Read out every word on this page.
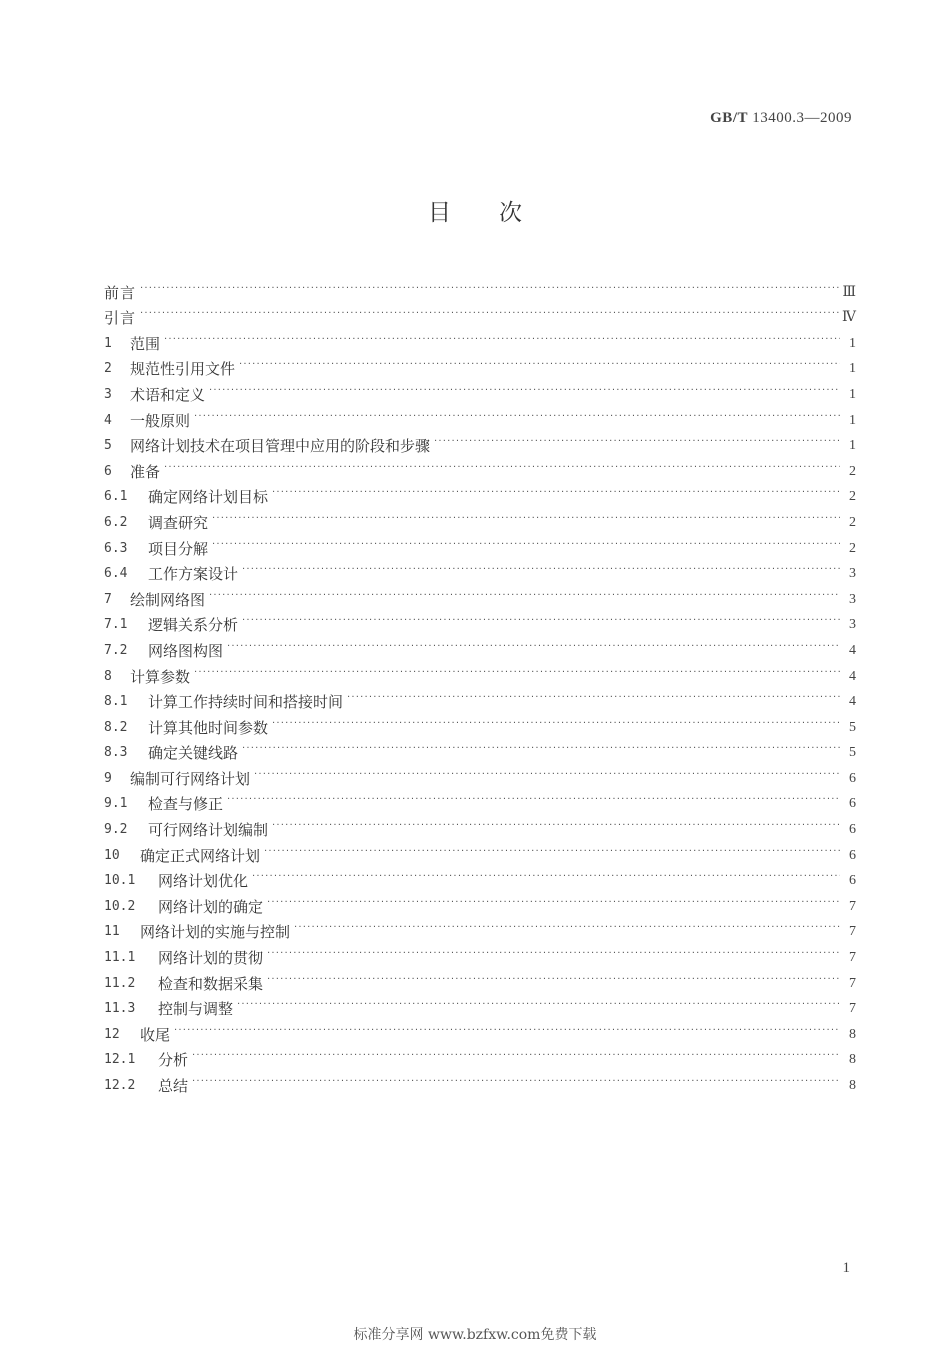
GB/T 13400.3—2009
目次
前言 ·····	Ⅲ
引言 ·····	Ⅳ
1	范围 ·····	1
2	规范性引用文件 ·····	1
3	术语和定义 ·····	1
4	一般原则 ·····	1
5	网络计划技术在项目管理中应用的阶段和步骤 ·····	1
6	准备 ·····	2
6.1	确定网络计划目标 ·····	2
6.2	调查研究 ·····	2
6.3	项目分解 ·····	2
6.4	工作方案设计 ·····	3
7	绘制网络图 ·····	3
7.1	逻辑关系分析 ·····	3
7.2	网络图构图 ·····	4
8	计算参数 ·····	4
8.1	计算工作持续时间和搭接时间 ·····	4
8.2	计算其他时间参数 ·····	5
8.3	确定关键线路 ·····	5
9	编制可行网络计划 ·····	6
9.1	检查与修正 ·····	6
9.2	可行网络计划编制 ·····	6
10	确定正式网络计划 ·····	6
10.1	网络计划优化 ·····	6
10.2	网络计划的确定 ·····	7
11	网络计划的实施与控制 ·····	7
11.1	网络计划的贯彻 ·····	7
11.2	检查和数据采集 ·····	7
11.3	控制与调整 ·····	7
12	收尾 ·····	8
12.1	分析 ·····	8
12.2	总结 ·····	8
1
标准分享网 www.bzfxw.com免费下载
